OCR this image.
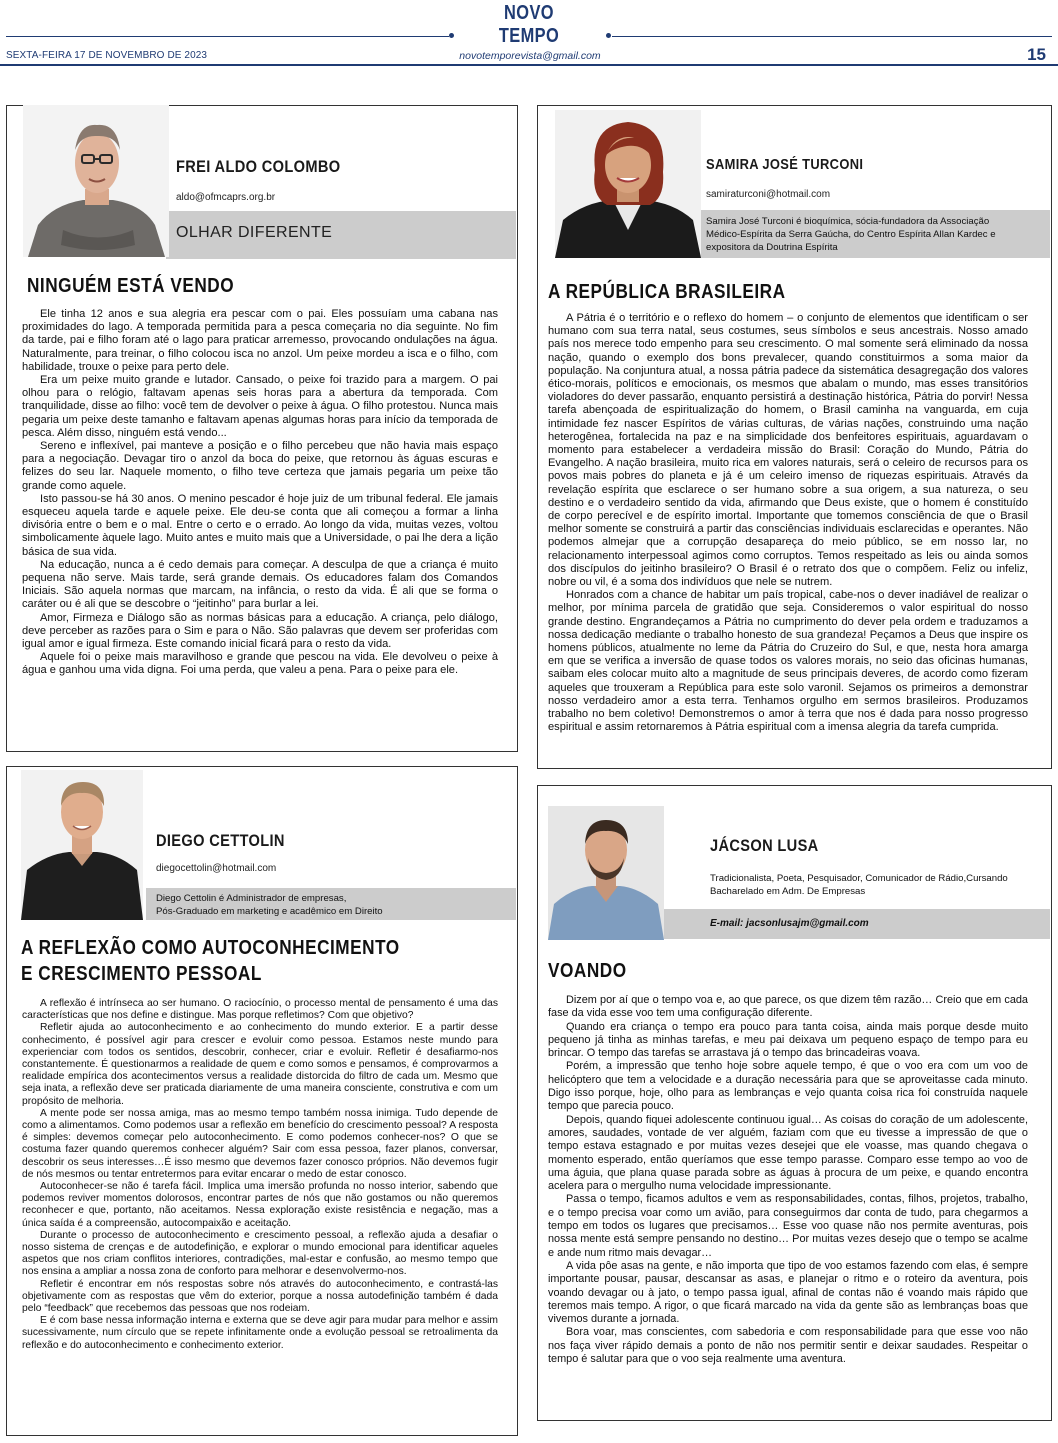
NOVO TEMPO
SEXTA-FEIRA 17 DE NOVEMBRO DE 2023	novotemporevista@gmail.com	15
FREI ALDO COLOMBO
aldo@ofmcaprs.org.br
OLHAR DIFERENTE
NINGUÉM ESTÁ VENDO

Ele tinha 12 anos e sua alegria era pescar com o pai. Eles possuíam uma cabana nas proximidades do lago. A temporada permitida para a pesca começaria no dia seguinte. No fim da tarde, pai e filho foram até o lago para praticar arremesso, provocando ondulações na água. Naturalmente, para treinar, o filho colocou isca no anzol. Um peixe mordeu a isca e o filho, com habilidade, trouxe o peixe para perto dele.

Era um peixe muito grande e lutador. Cansado, o peixe foi trazido para a margem. O pai olhou para o relógio, faltavam apenas seis horas para a abertura da temporada. Com tranquilidade, disse ao filho: você tem de devolver o peixe à água. O filho protestou. Nunca mais pegaria um peixe deste tamanho e faltavam apenas algumas horas para início da temporada de pesca. Além disso, ninguém está vendo...

Sereno e inflexível, pai manteve a posição e o filho percebeu que não havia mais espaço para a negociação. Devagar tiro o anzol da boca do peixe, que retornou às águas escuras e felizes do seu lar. Naquele momento, o filho teve certeza que jamais pegaria um peixe tão grande como aquele.

Isto passou-se há 30 anos. O menino pescador é hoje juiz de um tribunal federal. Ele jamais esqueceu aquela tarde e aquele peixe. Ele deu-se conta que ali começou a formar a linha divisória entre o bem e o mal. Entre o certo e o errado. Ao longo da vida, muitas vezes, voltou simbolicamente àquele lago. Muito antes e muito mais que a Universidade, o pai lhe dera a lição básica de sua vida.

Na educação, nunca a é cedo demais para começar. A desculpa de que a criança é muito pequena não serve. Mais tarde, será grande demais. Os educadores falam dos Comandos Iniciais. São aquela normas que marcam, na infância, o resto da vida. É ali que se forma o caráter ou é ali que se descobre o “jeitinho” para burlar a lei.

Amor, Firmeza e Diálogo são as normas básicas para a educação. A criança, pelo diálogo, deve perceber as razões para o Sim e para o Não. São palavras que devem ser proferidas com igual amor e igual firmeza. Este comando inicial ficará para o resto da vida.

Aquele foi o peixe mais maravilhoso e grande que pescou na vida. Ele devolveu o peixe à água e ganhou uma vida digna. Foi uma perda, que valeu a pena. Para o peixe para ele.

SAMIRA JOSÉ TURCONI
samiraturconi@hotmail.com
Samira José Turconi é bioquímica, sócia-fundadora da Associação Médico-Espírita da Serra Gaúcha, do Centro Espírita Allan Kardec e expositora da Doutrina Espírita
A REPÚBLICA BRASILEIRA

A Pátria é o território e o reflexo do homem – o conjunto de elementos que identificam o ser humano com sua terra natal, seus costumes, seus símbolos e seus ancestrais. Nosso amado país nos merece todo empenho para seu crescimento. O mal somente será eliminado da nossa nação, quando o exemplo dos bons prevalecer, quando constituirmos a soma maior da população. Na conjuntura atual, a nossa pátria padece da sistemática desagregação dos valores ético-morais, políticos e emocionais, os mesmos que abalam o mundo, mas esses transitórios violadores do dever passarão, enquanto persistirá a destinação histórica, Pátria do porvir! Nessa tarefa abençoada de espiritualização do homem, o Brasil caminha na vanguarda, em cuja intimidade fez nascer Espíritos de várias culturas, de várias nações, construindo uma nação heterogênea, fortalecida na paz e na simplicidade dos benfeitores espirituais, aguardavam o momento para estabelecer a verdadeira missão do Brasil: Coração do Mundo, Pátria do Evangelho. A nação brasileira, muito rica em valores naturais, será o celeiro de recursos para os povos mais pobres do planeta e já é um celeiro imenso de riquezas espirituais. Através da revelação espírita que esclarece o ser humano sobre a sua origem, a sua natureza, o seu destino e o verdadeiro sentido da vida, afirmando que Deus existe, que o homem é constituído de corpo perecível e de espírito imortal. Importante que tomemos consciência de que o Brasil melhor somente se construirá a partir das consciências individuais esclarecidas e operantes. Não podemos almejar que a corrupção desapareça do meio público, se em nosso lar, no relacionamento interpessoal agimos como corruptos. Temos respeitado as leis ou ainda somos dos discípulos do jeitinho brasileiro? O Brasil é o retrato dos que o compõem. Feliz ou infeliz, nobre ou vil, é a soma dos indivíduos que nele se nutrem.

Honrados com a chance de habitar um país tropical, cabe-nos o dever inadiável de realizar o melhor, por mínima parcela de gratidão que seja. Consideremos o valor espiritual do nosso grande destino. Engrandeçamos a Pátria no cumprimento do dever pela ordem e traduzamos a nossa dedicação mediante o trabalho honesto de sua grandeza! Peçamos a Deus que inspire os homens públicos, atualmente no leme da Pátria do Cruzeiro do Sul, e que, nesta hora amarga em que se verifica a inversão de quase todos os valores morais, no seio das oficinas humanas, saibam eles colocar muito alto a magnitude de seus principais deveres, de acordo como fizeram aqueles que trouxeram a República para este solo varonil. Sejamos os primeiros a demonstrar nosso verdadeiro amor a esta terra. Tenhamos orgulho em sermos brasileiros. Produzamos trabalho no bem coletivo! Demonstremos o amor à terra que nos é dada para nosso progresso espiritual e assim retornaremos à Pátria espiritual com a imensa alegria da tarefa cumprida.

DIEGO CETTOLIN
diegocettolin@hotmail.com
Diego Cettolin é Administrador de empresas,
Pós-Graduado em marketing e acadêmico em Direito
A REFLEXÃO COMO AUTOCONHECIMENTO
E CRESCIMENTO PESSOAL

A reflexão é intrínseca ao ser humano. O raciocínio, o processo mental de pensamento é uma das características que nos define e distingue. Mas porque refletimos? Com que objetivo?

Refletir ajuda ao autoconhecimento e ao conhecimento do mundo exterior. E a partir desse conhecimento, é possível agir para crescer e evoluir como pessoa. Estamos neste mundo para experienciar com todos os sentidos, descobrir, conhecer, criar e evoluir. Refletir é desafiarmo-nos constantemente. É questionarmos a realidade de quem e como somos e pensamos, é comprovarmos a realidade empírica dos acontecimentos versus a realidade distorcida do filtro de cada um. Mesmo que seja inata, a reflexão deve ser praticada diariamente de uma maneira consciente, construtiva e com um propósito de melhoria.

A mente pode ser nossa amiga, mas ao mesmo tempo também nossa inimiga. Tudo depende de como a alimentamos. Como podemos usar a reflexão em benefício do crescimento pessoal? A resposta é simples: devemos começar pelo autoconhecimento. E como podemos conhecer-nos? O que se costuma fazer quando queremos conhecer alguém? Sair com essa pessoa, fazer planos, conversar, descobrir os seus interesses…É isso mesmo que devemos fazer conosco próprios. Não devemos fugir de nós mesmos ou tentar entretermos para evitar encarar o medo de estar conosco.

Autoconhecer-se não é tarefa fácil. Implica uma imersão profunda no nosso interior, sabendo que podemos reviver momentos dolorosos, encontrar partes de nós que não gostamos ou não queremos reconhecer e que, portanto, não aceitamos. Nessa exploração existe resistência e negação, mas a única saída é a compreensão, autocompaixão e aceitação.

Durante o processo de autoconhecimento e crescimento pessoal, a reflexão ajuda a desafiar o nosso sistema de crenças e de autodefinição, e explorar o mundo emocional para identificar aqueles aspetos que nos criam conflitos interiores, contradições, mal-estar e confusão, ao mesmo tempo que nos ensina a ampliar a nossa zona de conforto para melhorar e desenvolvermo-nos.

Refletir é encontrar em nós respostas sobre nós através do autoconhecimento, e contrastá-las objetivamente com as respostas que vêm do exterior, porque a nossa autodefinição também é dada pelo “feedback” que recebemos das pessoas que nos rodeiam.

E é com base nessa informação interna e externa que se deve agir para mudar para melhor e assim sucessivamente, num círculo que se repete infinitamente onde a evolução pessoal se retroalimenta da reflexão e do autoconhecimento e conhecimento exterior.

JÁCSON LUSA
Tradicionalista, Poeta, Pesquisador, Comunicador de Rádio,Cursando
Bacharelado em Adm. De Empresas
E-mail: jacsonlusajm@gmail.com
VOANDO

Dizem por aí que o tempo voa e, ao que parece, os que dizem têm razão… Creio que em cada fase da vida esse voo tem uma configuração diferente.

Quando era criança o tempo era pouco para tanta coisa, ainda mais porque desde muito pequeno já tinha as minhas tarefas, e meu pai deixava um pequeno espaço de tempo para eu brincar. O tempo das tarefas se arrastava já o tempo das brincadeiras voava.

Porém, a impressão que tenho hoje sobre aquele tempo, é que o voo era com um voo de helicóptero que tem a velocidade e a duração necessária para que se aproveitasse cada minuto. Digo isso porque, hoje, olho para as lembranças e vejo quanta coisa rica foi construída naquele tempo que parecia pouco.

Depois, quando fiquei adolescente continuou igual… As coisas do coração de um adolescente, amores, saudades, vontade de ver alguém, faziam com que eu tivesse a impressão de que o tempo estava estagnado e por muitas vezes desejei que ele voasse, mas quando chegava o momento esperado, então queríamos que esse tempo parasse. Comparo esse tempo ao voo de uma águia, que plana quase parada sobre as águas à procura de um peixe, e quando encontra acelera para o mergulho numa velocidade impressionante.

Passa o tempo, ficamos adultos e vem as responsabilidades, contas, filhos, projetos, trabalho, e o tempo precisa voar como um avião, para conseguirmos dar conta de tudo, para chegarmos a tempo em todos os lugares que precisamos… Esse voo quase não nos permite aventuras, pois nossa mente está sempre pensando no destino… Por muitas vezes desejo que o tempo se acalme e ande num ritmo mais devagar…

A vida pôe asas na gente, e não importa que tipo de voo estamos fazendo com elas, é sempre importante pousar, pausar, descansar as asas, e planejar o ritmo e o roteiro da aventura, pois voando devagar ou à jato, o tempo passa igual, afinal de contas não é voando mais rápido que teremos mais tempo. A rigor, o que ficará marcado na vida da gente são as lembranças boas que vivemos durante a jornada.

Bora voar, mas conscientes, com sabedoria e com responsabilidade para que esse voo não nos faça viver rápido demais a ponto de não nos permitir sentir e deixar saudades. Respeitar o tempo é salutar para que o voo seja realmente uma aventura.
